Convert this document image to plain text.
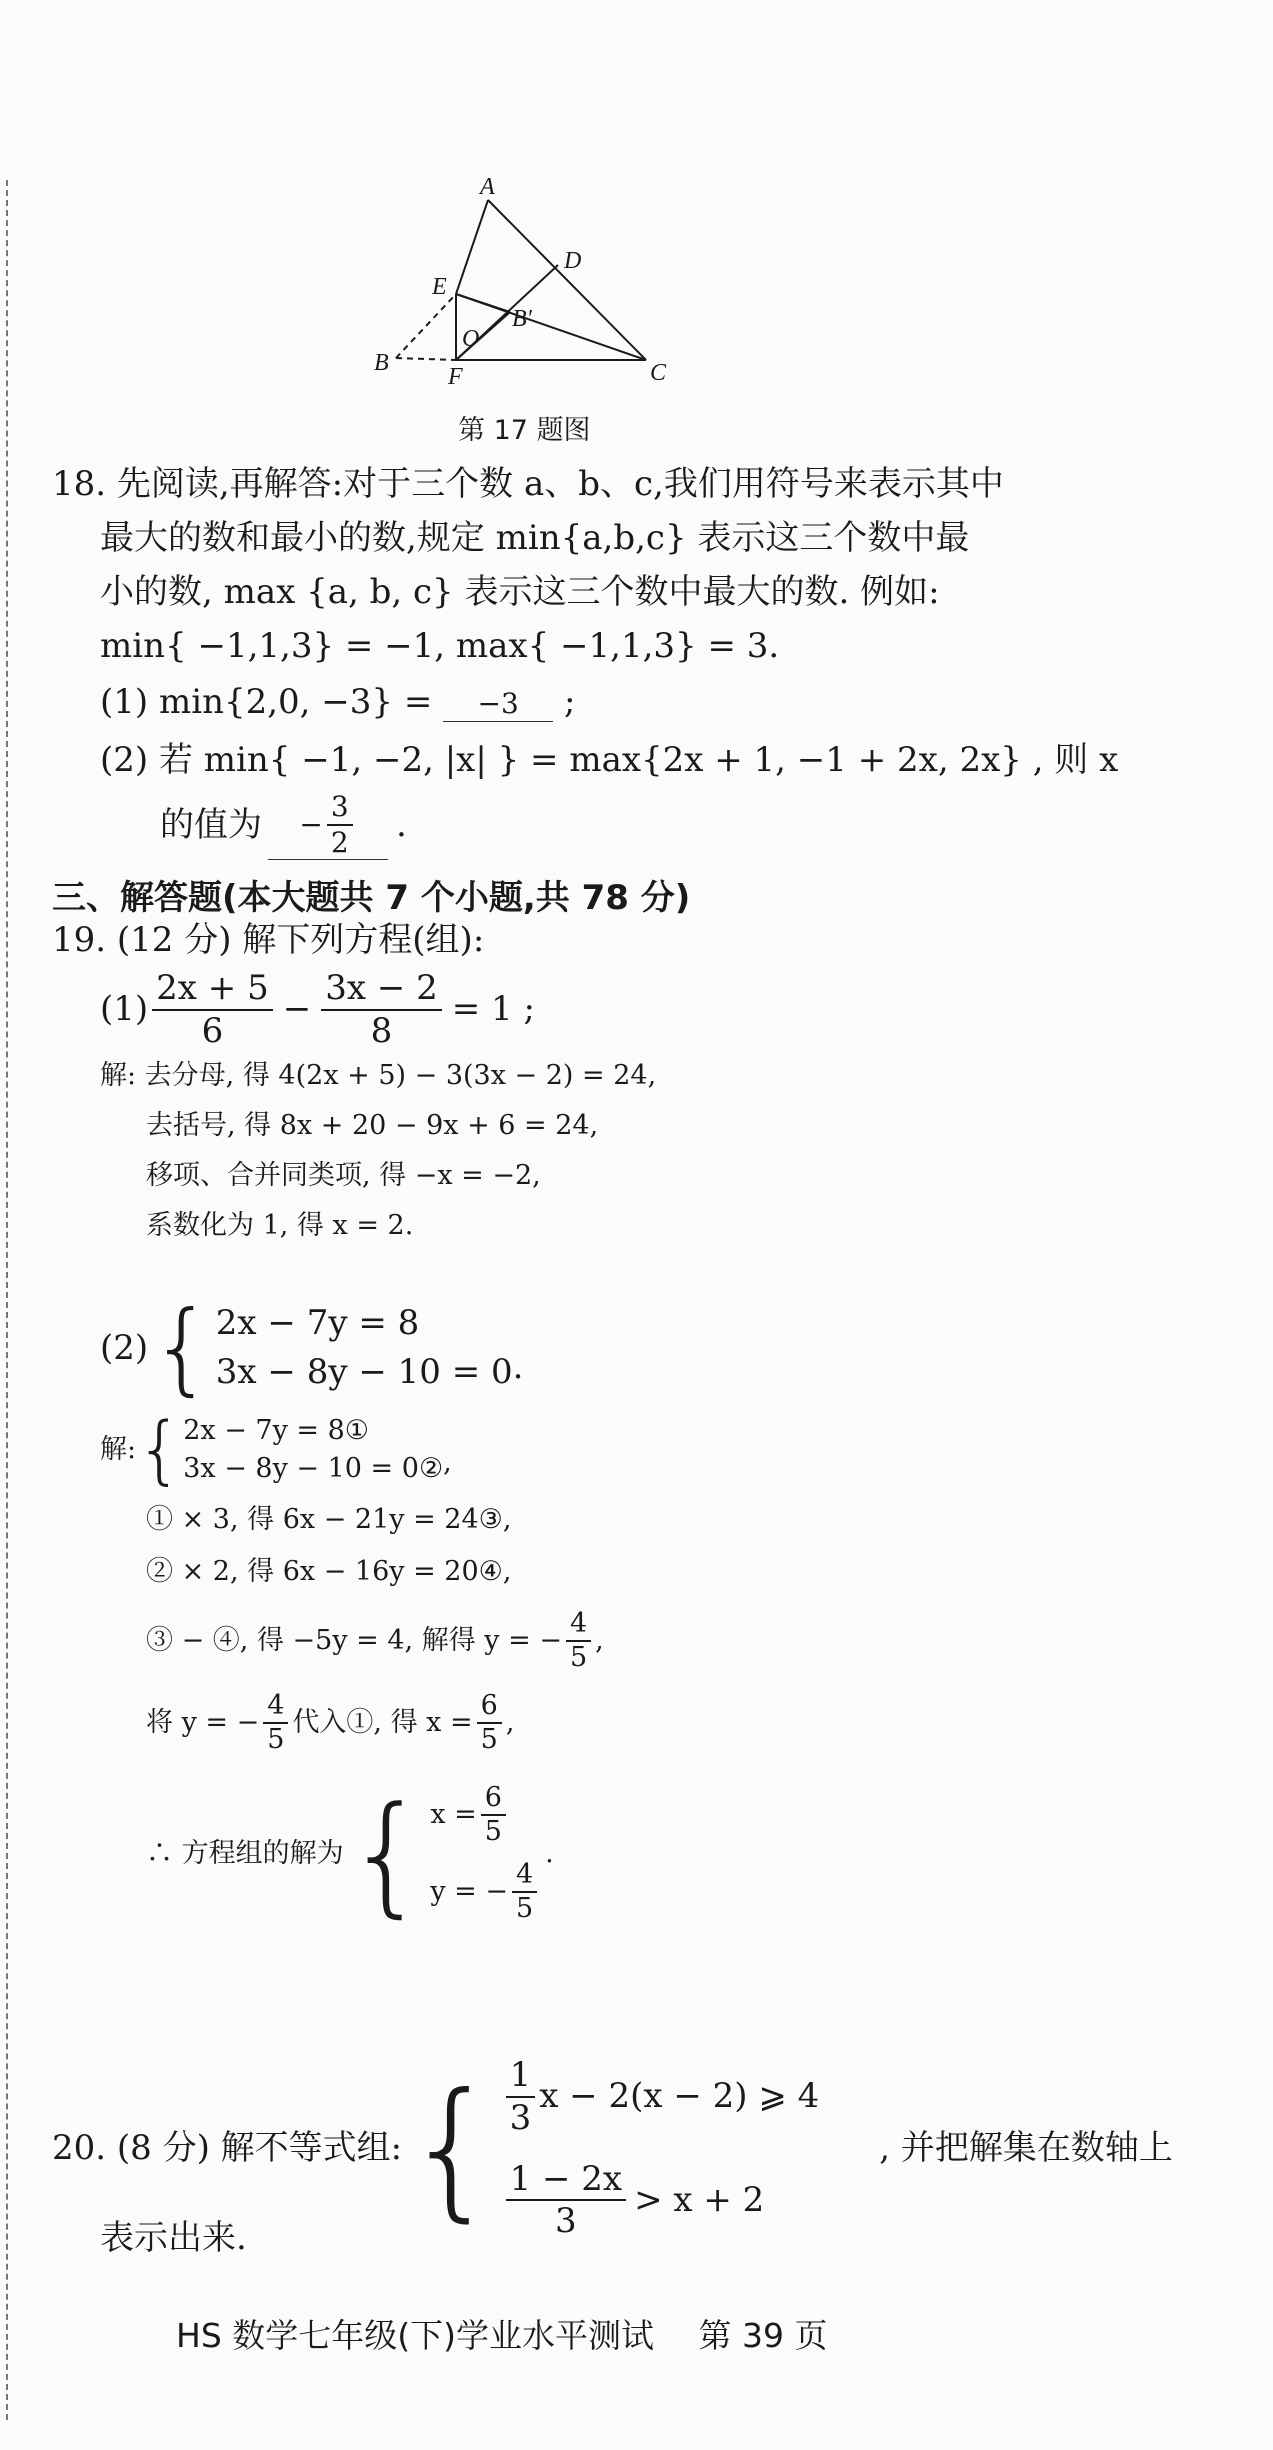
A
D
E
B′
O
B
F	C
第 17 题图
18. 先阅读,再解答:对于三个数 a、b、c,我们用符号来表示其中
最大的数和最小的数,规定 min{a,b,c} 表示这三个数中最
小的数, max {a, b, c} 表示这三个数中最大的数. 例如:
min{ −1,1,3} = −1, max{ −1,1,3} = 3.
(1) min{2,0, −3} = −3 ;
(2) 若 min{ −1, −2, |x| } = max{2x + 1, −1 + 2x, 2x} , 则 x
的值为 − $\frac{3}{2}$ .
三、解答题(本大题共 7 个小题,共 78 分)
19. (12 分) 解下列方程(组):
$(1) \frac{2x + 5}{6} - \frac{3x - 2}{8} = 1$ ;
解: 去分母, 得 4(2x + 5) − 3(3x − 2) = 24,
去括号, 得 8x + 20 − 9x + 6 = 24,
移项、合并同类项, 得 −x = −2,
系数化为 1, 得 x = 2.
(2) { 2x − 7y = 8
3x − 8y − 10 = 0 .
解: { 2x − 7y = 8①
3x − 8y − 10 = 0② ,
① × 3, 得 6x − 21y = 24③,
② × 2, 得 6x − 16y = 20④,
③ − ④, 得 −5y = 4, 解得 y = − $\frac{4}{5}$ ,
将 y = − $\frac{4}{5}$ 代入①, 得 $x = \frac{6}{5}$ ,
∴ 方程组的解为 { $x = \frac{6}{5}$
y = − $\frac{4}{5}$
.
20. (8 分) 解不等式组: { $\frac{1}{3}$ x − 2(x − 2) ⩾ 4
$\frac{1 - 2x}{3} > x + 2$
, 并把解集在数轴上
表示出来.
HS 数学七年级(下)学业水平测试 第 39 页
